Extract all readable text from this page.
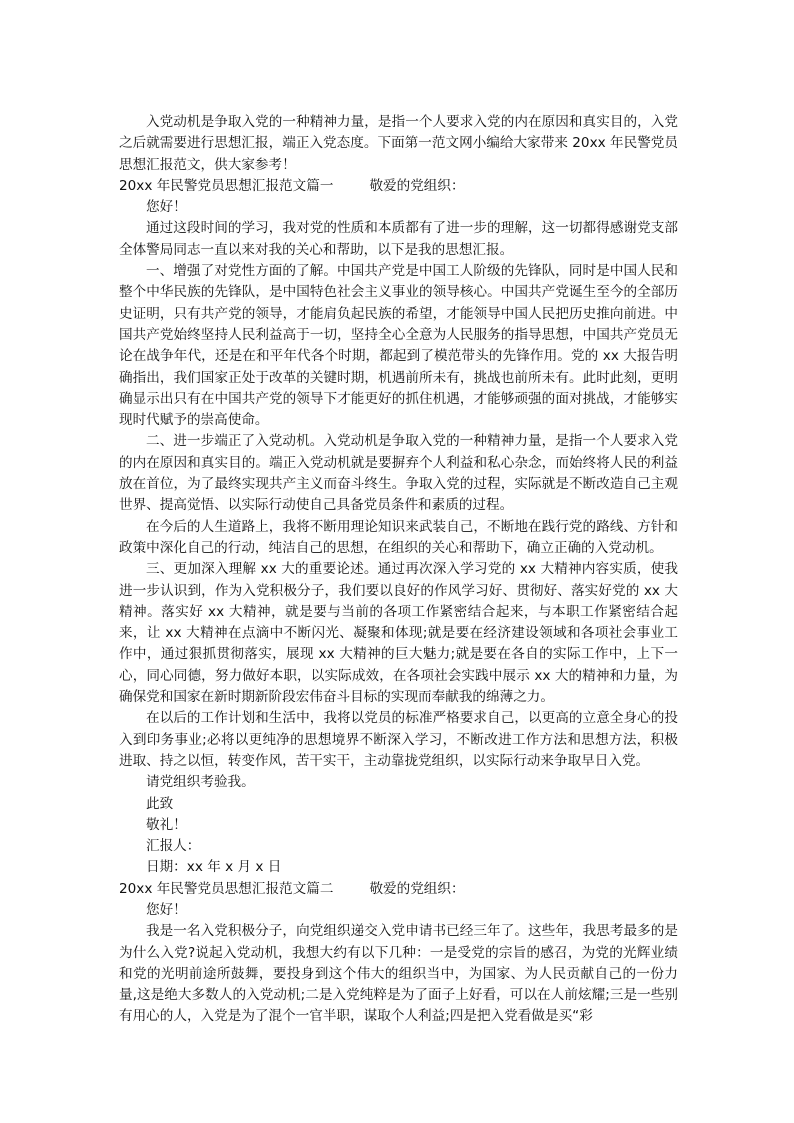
入党动机是争取入党的一种精神力量，是指一个人要求入党的内在原因和真实目的，入党之后就需要进行思想汇报，端正入党态度。下面第一范文网小编给大家带来 20xx 年民警党员思想汇报范文，供大家参考！

20xx 年民警党员思想汇报范文篇一	敬爱的党组织：

您好！

通过这段时间的学习，我对党的性质和本质都有了进一步的理解，这一切都得感谢党支部全体警局同志一直以来对我的关心和帮助，以下是我的思想汇报。

一、增强了对党性方面的了解。中国共产党是中国工人阶级的先锋队，同时是中国人民和整个中华民族的先锋队，是中国特色社会主义事业的领导核心。中国共产党诞生至今的全部历史证明，只有共产党的领导，才能肩负起民族的希望，才能领导中国人民把历史推向前进。中国共产党始终坚持人民利益高于一切，坚持全心全意为人民服务的指导思想，中国共产党员无论在战争年代，还是在和平年代各个时期，都起到了模范带头的先锋作用。党的 xx 大报告明确指出，我们国家正处于改革的关键时期，机遇前所未有，挑战也前所未有。此时此刻，更明确显示出只有在中国共产党的领导下才能更好的抓住机遇，才能够顽强的面对挑战，才能够实现时代赋予的崇高使命。

二、进一步端正了入党动机。入党动机是争取入党的一种精神力量，是指一个人要求入党的内在原因和真实目的。端正入党动机就是要摒弃个人利益和私心杂念，而始终将人民的利益放在首位，为了最终实现共产主义而奋斗终生。争取入党的过程，实际就是不断改造自己主观世界、提高觉悟、以实际行动使自己具备党员条件和素质的过程。

在今后的人生道路上，我将不断用理论知识来武装自己，不断地在践行党的路线、方针和政策中深化自己的行动，纯洁自己的思想，在组织的关心和帮助下，确立正确的入党动机。

三、更加深入理解 xx 大的重要论述。通过再次深入学习党的 xx 大精神内容实质，使我进一步认识到，作为入党积极分子，我们要以良好的作风学习好、贯彻好、落实好党的 xx 大精神。落实好 xx 大精神，就是要与当前的各项工作紧密结合起来，与本职工作紧密结合起来，让 xx 大精神在点滴中不断闪光、凝聚和体现;就是要在经济建设领域和各项社会事业工作中，通过狠抓贯彻落实，展现 xx 大精神的巨大魅力;就是要在各自的实际工作中，上下一心，同心同德，努力做好本职，以实际成效，在各项社会实践中展示 xx 大的精神和力量，为确保党和国家在新时期新阶段宏伟奋斗目标的实现而奉献我的绵薄之力。

在以后的工作计划和生活中，我将以党员的标准严格要求自己，以更高的立意全身心的投入到印务事业;必将以更纯净的思想境界不断深入学习，不断改进工作方法和思想方法，积极进取、持之以恒，转变作风，苦干实干，主动靠拢党组织，以实际行动来争取早日入党。

请党组织考验我。

此致

敬礼！

汇报人：

日期：xx 年 x 月 x 日

20xx 年民警党员思想汇报范文篇二	敬爱的党组织：

您好！

我是一名入党积极分子，向党组织递交入党申请书已经三年了。这些年，我思考最多的是为什么入党?说起入党动机，我想大约有以下几种：一是受党的宗旨的感召，为党的光辉业绩和党的光明前途所鼓舞，要投身到这个伟大的组织当中，为国家、为人民贡献自己的一份力量,这是绝大多数人的入党动机;二是入党纯粹是为了面子上好看，可以在人前炫耀;三是一些别有用心的人，入党是为了混个一官半职，谋取个人利益;四是把入党看做是买“彩
